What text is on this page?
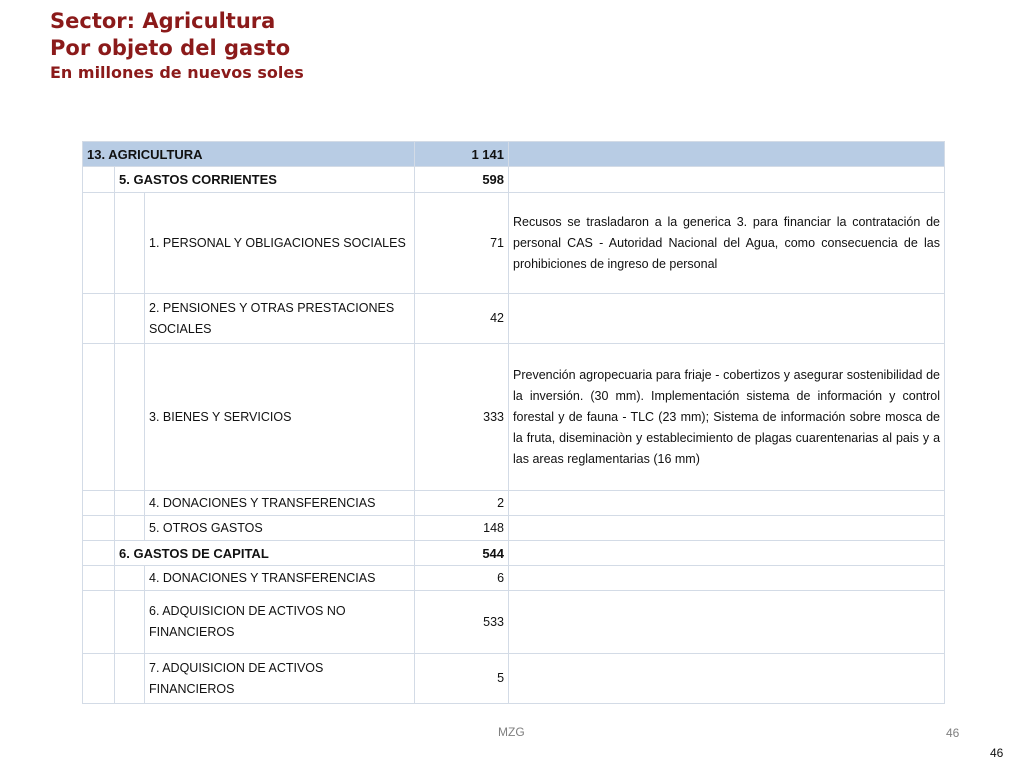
Sector: Agricultura
Por objeto del gasto
En millones de nuevos soles
13. AGRICULTURA			1 141	
	5. GASTOS CORRIENTES		598	
		1. PERSONAL Y OBLIGACIONES SOCIALES	71	Recusos se trasladaron a la generica 3. para financiar la contratación de personal CAS - Autoridad Nacional del Agua, como consecuencia de las prohibiciones de ingreso de personal
		2. PENSIONES Y OTRAS PRESTACIONES SOCIALES	42	
		3. BIENES Y SERVICIOS	333	Prevención agropecuaria para friaje - cobertizos y asegurar sostenibilidad de la inversión. (30 mm). Implementación sistema de información y control forestal y de fauna - TLC (23 mm); Sistema de información sobre mosca de la fruta, diseminaciòn y establecimiento de plagas cuarentenarias al pais y a las areas reglamentarias (16 mm)
		4. DONACIONES Y TRANSFERENCIAS	2	
		5. OTROS GASTOS	148	
	6. GASTOS DE CAPITAL		544	
		4. DONACIONES Y TRANSFERENCIAS	6	
		6. ADQUISICION DE ACTIVOS NO FINANCIEROS	533	
		7. ADQUISICION DE ACTIVOS FINANCIEROS	5	
MZG	46
46
